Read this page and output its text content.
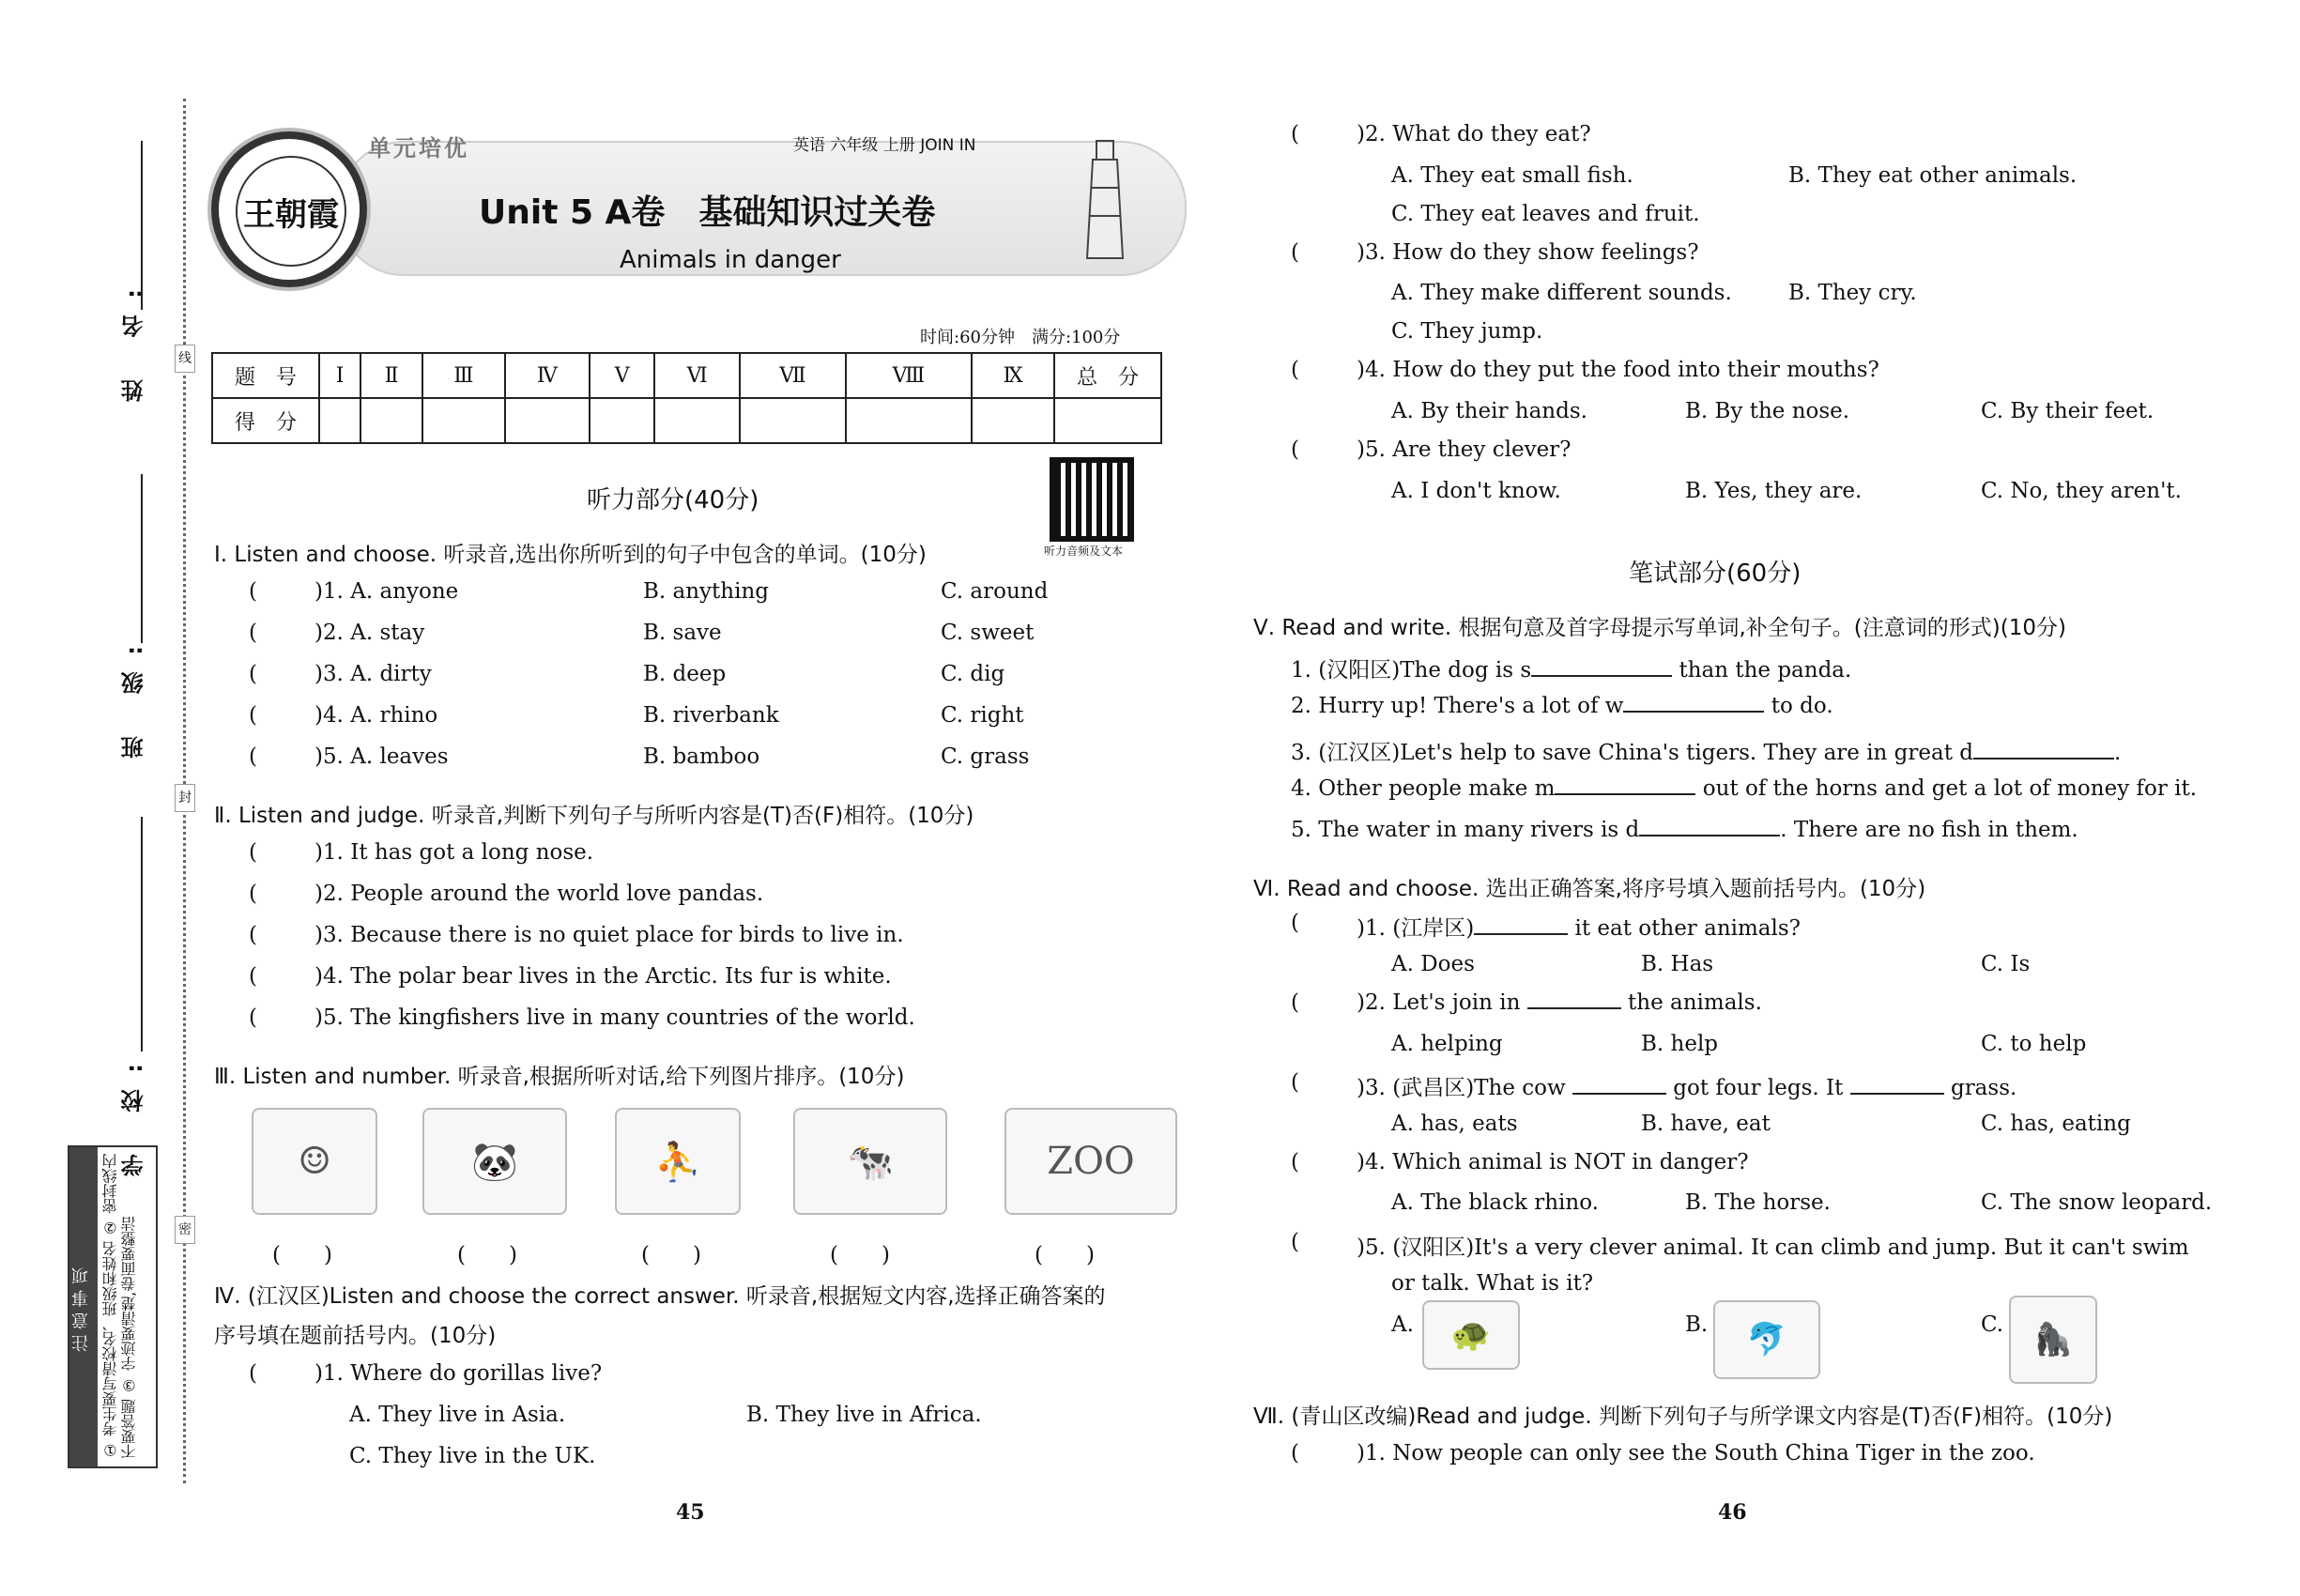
姓 名:
班 级:
学 校:
线
封
密
注意事项 ① 考生要写清校名、班级和姓名 ② 密封线内不要答题 ③ 字迹要清楚,卷面要整洁
王朝霞
单元培优	英语 六年级 上册 JOIN IN
Unit 5 A卷　基础知识过关卷
Animals in danger
时间:60分钟　满分:100分
题　号	Ⅰ	Ⅱ	Ⅲ	Ⅳ	Ⅴ	Ⅵ	Ⅶ	Ⅷ	Ⅸ	总　分
得　分										
听力部分(40分)
听力音频及文本
Ⅰ. Listen and choose. 听录音,选出你所听到的句子中包含的单词。(10分)
(	)1. A. anyone	B. anything	C. around
(	)2. A. stay	B. save	C. sweet
(	)3. A. dirty	B. deep	C. dig
(	)4. A. rhino	B. riverbank	C. right
(	)5. A. leaves	B. bamboo	C. grass
Ⅱ. Listen and judge. 听录音,判断下列句子与所听内容是(T)否(F)相符。(10分)
(	)1. It has got a long nose.
(	)2. People around the world love pandas.
(	)3. Because there is no quiet place for birds to live in.
(	)4. The polar bear lives in the Arctic. Its fur is white.
(	)5. The kingfishers live in many countries of the world.
Ⅲ. Listen and number. 听录音,根据所听对话,给下列图片排序。(10分)
☺	🐼	⛹	🐄	ZOO
(　　)	(　　)	(　　)	(　　)	(　　)
Ⅳ. (江汉区)Listen and choose the correct answer. 听录音,根据短文内容,选择正确答案的
序号填在题前括号内。(10分)
(	)1. Where do gorillas live?
A. They live in Asia.	B. They live in Africa.
C. They live in the UK.
45
(	)2. What do they eat?
A. They eat small fish.	B. They eat other animals.
C. They eat leaves and fruit.
(	)3. How do they show feelings?
A. They make different sounds.	B. They cry.
C. They jump.
(	)4. How do they put the food into their mouths?
A. By their hands.	B. By the nose.	C. By their feet.
(	)5. Are they clever?
A. I don't know.	B. Yes, they are.	C. No, they aren't.
笔试部分(60分)
Ⅴ. Read and write. 根据句意及首字母提示写单词,补全句子。(注意词的形式)(10分)
1. (汉阳区)The dog is s	than the panda.
2. Hurry up! There's a lot of w	to do.
3. (江汉区)Let's help to save China's tigers. They are in great d	.
4. Other people make m	out of the horns and get a lot of money for it.
5. The water in many rivers is d	. There are no fish in them.
Ⅵ. Read and choose. 选出正确答案,将序号填入题前括号内。(10分)
(	)1. (江岸区)	it eat other animals?
A. Does	B. Has	C. Is
(	)2. Let's join in	the animals.
A. helping	B. help	C. to help
(	)3. (武昌区)The cow	got four legs. It	grass.
A. has, eats	B. have, eat	C. has, eating
(	)4. Which animal is NOT in danger?
A. The black rhino.	B. The horse.	C. The snow leopard.
(	)5. (汉阳区)It's a very clever animal. It can climb and jump. But it can't swim
or talk. What is it?
A.	🐢	B.	🐬	C. 🦍
Ⅶ. (青山区改编)Read and judge. 判断下列句子与所学课文内容是(T)否(F)相符。(10分)
(	)1. Now people can only see the South China Tiger in the zoo.
46
